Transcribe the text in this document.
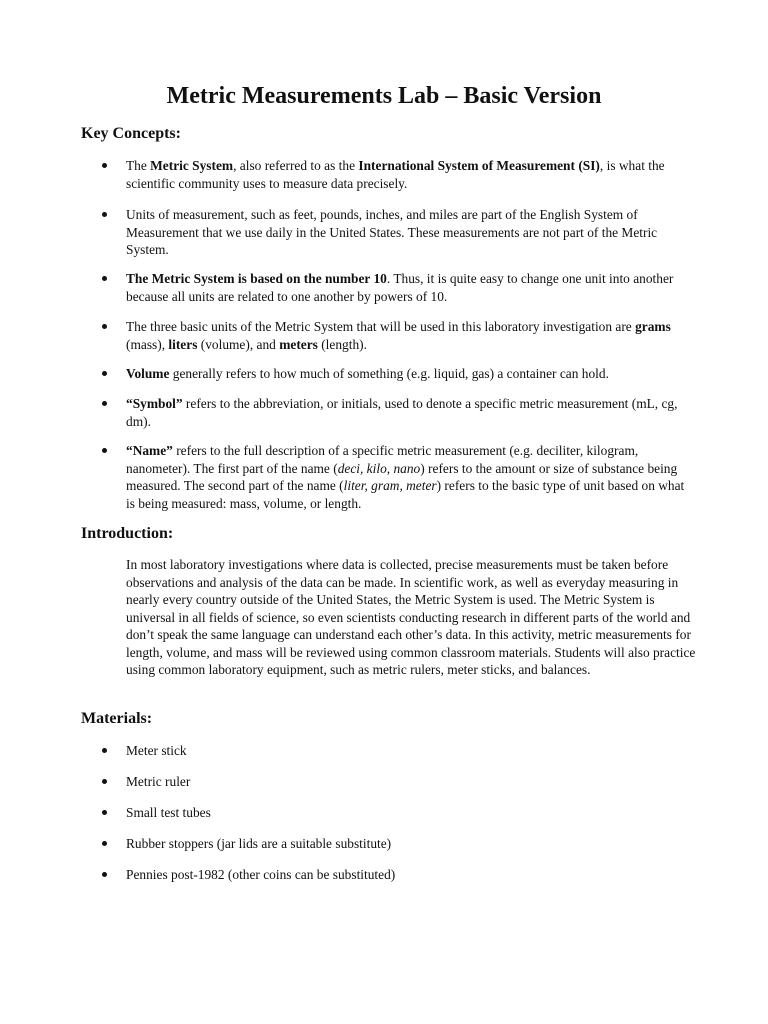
Metric Measurements Lab – Basic Version
Key Concepts:
The Metric System, also referred to as the International System of Measurement (SI), is what the scientific community uses to measure data precisely.
Units of measurement, such as feet, pounds, inches, and miles are part of the English System of Measurement that we use daily in the United States. These measurements are not part of the Metric System.
The Metric System is based on the number 10. Thus, it is quite easy to change one unit into another because all units are related to one another by powers of 10.
The three basic units of the Metric System that will be used in this laboratory investigation are grams (mass), liters (volume), and meters (length).
Volume generally refers to how much of something (e.g. liquid, gas) a container can hold.
“Symbol” refers to the abbreviation, or initials, used to denote a specific metric measurement (mL, cg, dm).
“Name” refers to the full description of a specific metric measurement (e.g. deciliter, kilogram, nanometer). The first part of the name (deci, kilo, nano) refers to the amount or size of substance being measured. The second part of the name (liter, gram, meter) refers to the basic type of unit based on what is being measured: mass, volume, or length.
Introduction:

In most laboratory investigations where data is collected, precise measurements must be taken before observations and analysis of the data can be made. In scientific work, as well as everyday measuring in nearly every country outside of the United States, the Metric System is used. The Metric System is universal in all fields of science, so even scientists conducting research in different parts of the world and don’t speak the same language can understand each other’s data. In this activity, metric measurements for length, volume, and mass will be reviewed using common classroom materials. Students will also practice using common laboratory equipment, such as metric rulers, meter sticks, and balances.

Materials:
Meter stick
Metric ruler
Small test tubes
Rubber stoppers (jar lids are a suitable substitute)
Pennies post-1982 (other coins can be substituted)
